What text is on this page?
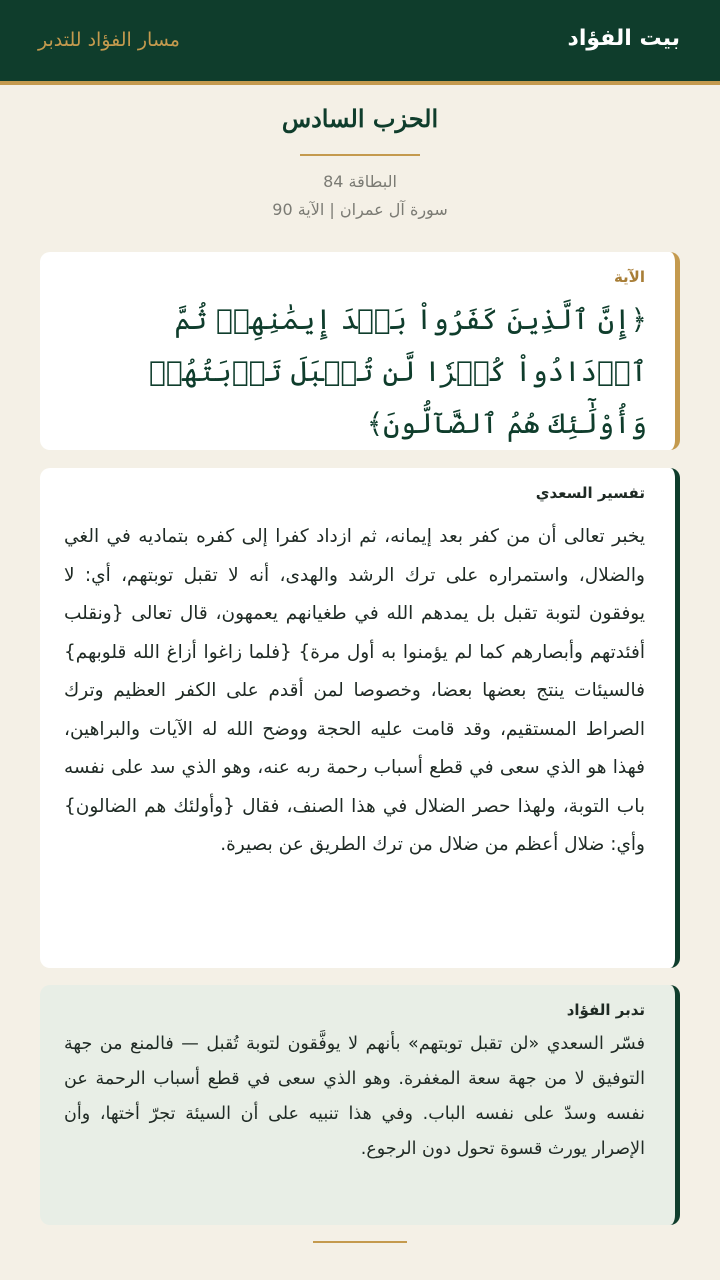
بيت الفؤاد
مسار الفؤاد للتدبر
الحزب السادس
البطاقة 84
سورة آل عمران | الآية 90
الآية
﴿إِنَّ ٱلَّذِينَ كَفَرُواْ بَعۡدَ إِيمَٰنِهِمۡ ثُمَّ ٱزۡدَادُواْ كُفۡرٗا لَّن تُقۡبَلَ تَوۡبَتُهُمۡ وَأُوْلَٰٓئِكَ هُمُ ٱلضَّآلُّونَ﴾
تفسير السعدي
يخبر تعالى أن من كفر بعد إيمانه، ثم ازداد كفرا إلى كفره بتماديه في الغي والضلال، واستمراره على ترك الرشد والهدى، أنه لا تقبل توبتهم، أي: لا يوفقون لتوبة تقبل بل يمدهم الله في طغيانهم يعمهون، قال تعالى {ونقلب أفئدتهم وأبصارهم كما لم يؤمنوا به أول مرة} {فلما زاغوا أزاغ الله قلوبهم} فالسيئات ينتج بعضها بعضا، وخصوصا لمن أقدم على الكفر العظيم وترك الصراط المستقيم، وقد قامت عليه الحجة ووضح الله له الآيات والبراهين، فهذا هو الذي سعى في قطع أسباب رحمة ربه عنه، وهو الذي سد على نفسه باب التوبة، ولهذا حصر الضلال في هذا الصنف، فقال {وأولئك هم الضالون} وأي: ضلال أعظم من ضلال من ترك الطريق عن بصيرة.
تدبر الفؤاد
فسّر السعدي «لن تقبل توبتهم» بأنهم لا يوفَّقون لتوبة تُقبل — فالمنع من جهة التوفيق لا من جهة سعة المغفرة. وهو الذي سعى في قطع أسباب الرحمة عن نفسه وسدّ على نفسه الباب. وفي هذا تنبيه على أن السيئة تجرّ أختها، وأن الإصرار يورث قسوة تحول دون الرجوع.
